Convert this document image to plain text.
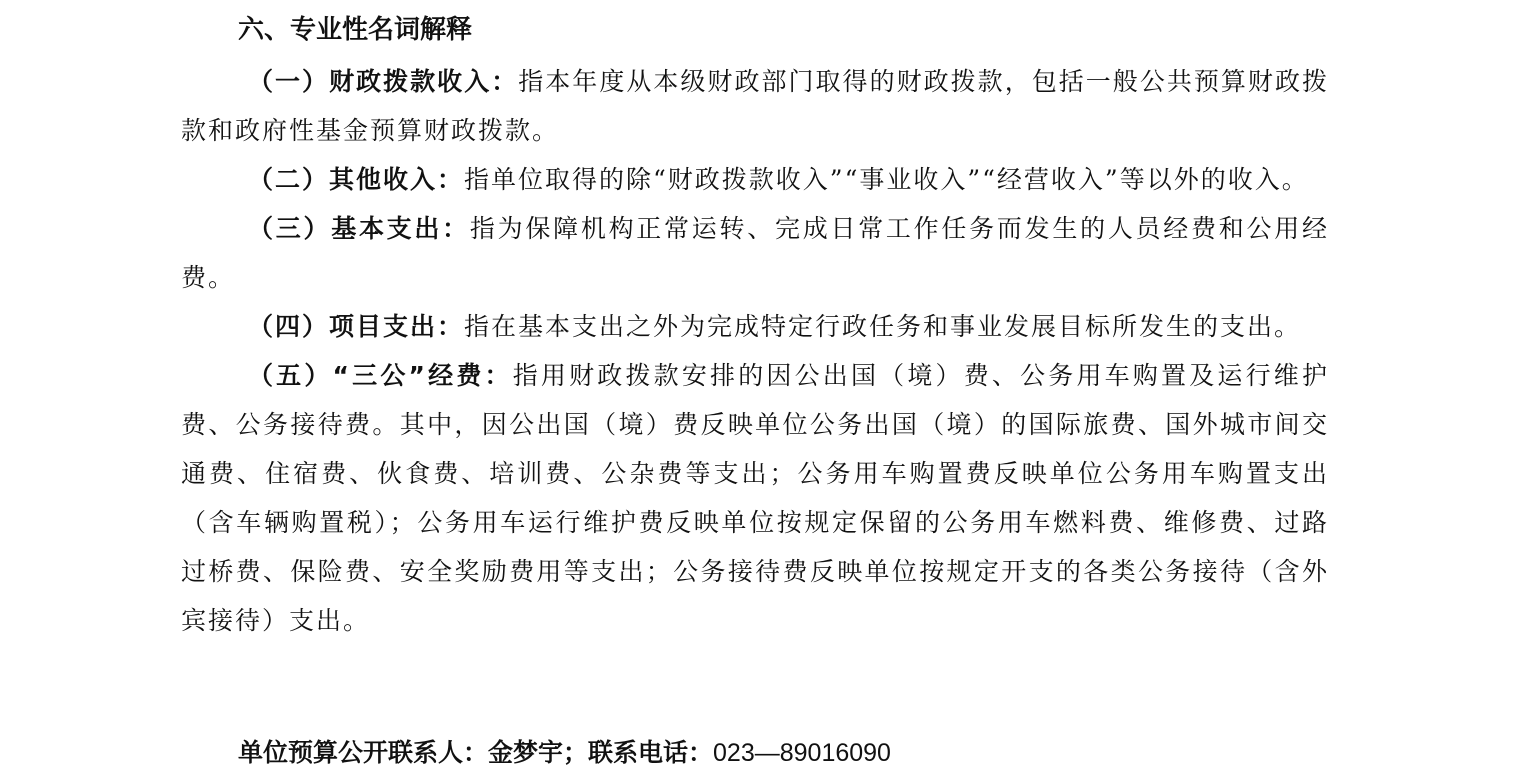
六、专业性名词解释

（一）财政拨款收入：指本年度从本级财政部门取得的财政拨款，包括一般公共预算财政拨款和政府性基金预算财政拨款。

（二）其他收入：指单位取得的除“财政拨款收入”“事业收入”“经营收入”等以外的收入。

（三）基本支出：指为保障机构正常运转、完成日常工作任务而发生的人员经费和公用经费。

（四）项目支出：指在基本支出之外为完成特定行政任务和事业发展目标所发生的支出。

（五）“三公”经费：指用财政拨款安排的因公出国（境）费、公务用车购置及运行维护费、公务接待费。其中，因公出国（境）费反映单位公务出国（境）的国际旅费、国外城市间交通费、住宿费、伙食费、培训费、公杂费等支出；公务用车购置费反映单位公务用车购置支出（含车辆购置税）；公务用车运行维护费反映单位按规定保留的公务用车燃料费、维修费、过路过桥费、保险费、安全奖励费用等支出；公务接待费反映单位按规定开支的各类公务接待（含外宾接待）支出。

单位预算公开联系人：金梦宇；联系电话：023—89016090
